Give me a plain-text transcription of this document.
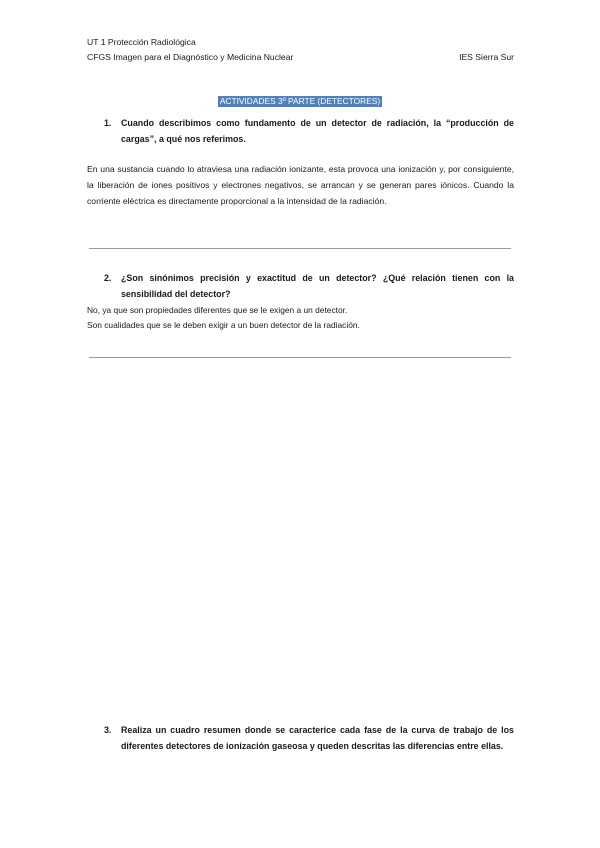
UT 1 Protección Radiológica
CFGS Imagen para el Diagnóstico y Medicina Nuclear	IES Sierra Sur
ACTIVIDADES 3º PARTE (DETECTORES)
1.	Cuando describimos como fundamento de un detector de radiación, la “producción de cargas”, a qué nos referimos.
En una sustancia cuando lo atraviesa una radiación ionizante, esta provoca una ionización y, por consiguiente, la liberación de iones positivos y electrones negativos, se arrancan y se generan pares iónicos. Cuando la corriente eléctrica es directamente proporcional a la intensidad de la radiación.
2.	¿Son sinónimos precisión y exactitud de un detector? ¿Qué relación tienen con la sensibilidad del detector?
No, ya que son propiedades diferentes que se le exigen a un detector.
Son cualidades que se le deben exigir a un buen detector de la radiación.
3.	Realiza un cuadro resumen donde se caracterice cada fase de la curva de trabajo de los diferentes detectores de ionización gaseosa y queden descritas las diferencias entre ellas.
